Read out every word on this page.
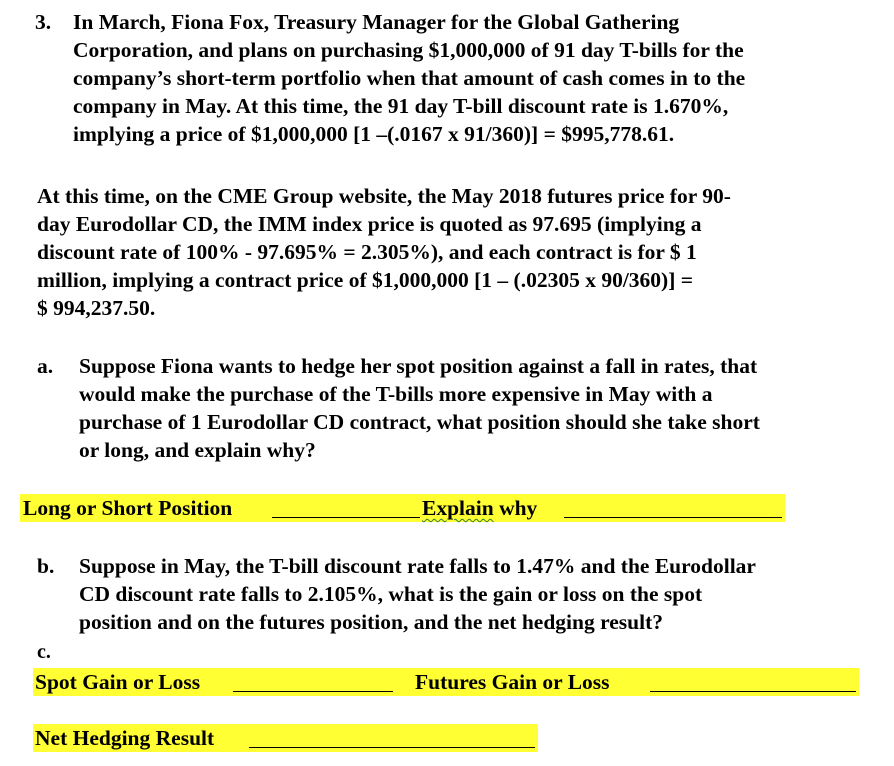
3. In March, Fiona Fox, Treasury Manager for the Global Gathering
Corporation, and plans on purchasing $1,000,000 of 91 day T-bills for the
company’s short-term portfolio when that amount of cash comes in to the
company in May. At this time, the 91 day T-bill discount rate is 1.670%,
implying a price of $1,000,000 [1 –(.0167 x 91/360)] = $995,778.61.
At this time, on the CME Group website, the May 2018 futures price for 90-
day Eurodollar CD, the IMM index price is quoted as 97.695 (implying a
discount rate of 100% - 97.695% = 2.305%), and each contract is for $ 1
million, implying a contract price of $1,000,000 [1 – (.02305 x 90/360)] =
$ 994,237.50.
a. Suppose Fiona wants to hedge her spot position against a fall in rates, that
would make the purchase of the T-bills more expensive in May with a
purchase of 1 Eurodollar CD contract, what position should she take short
or long, and explain why?
Long or Short Position	Explain why
b. Suppose in May, the T-bill discount rate falls to 1.47% and the Eurodollar
CD discount rate falls to 2.105%, what is the gain or loss on the spot
position and on the futures position, and the net hedging result?
c.
Spot Gain or Loss	Futures Gain or Loss
Net Hedging Result
